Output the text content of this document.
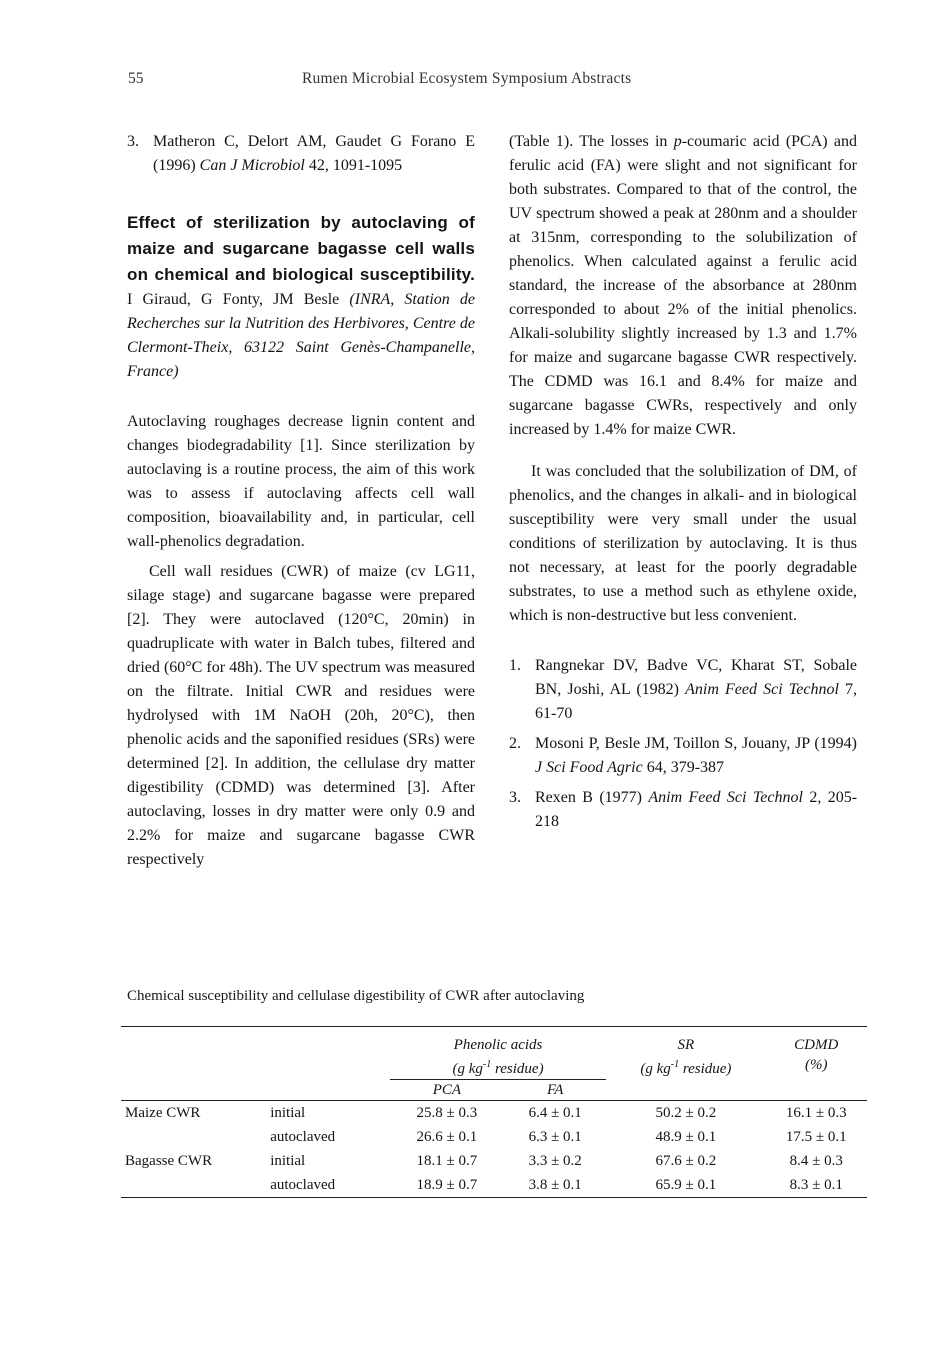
55	Rumen Microbial Ecosystem Symposium Abstracts
3. Matheron C, Delort AM, Gaudet G Forano E (1996) Can J Microbiol 42, 1091-1095
Effect of sterilization by autoclaving of maize and sugarcane bagasse cell walls on chemical and biological susceptibility. I Giraud, G Fonty, JM Besle (INRA, Station de Recherches sur la Nutrition des Herbivores, Centre de Clermont-Theix, 63122 Saint Genès-Champanelle, France)

Autoclaving roughages decrease lignin content and changes biodegradability [1]. Since sterilization by autoclaving is a routine process, the aim of this work was to assess if autoclaving affects cell wall composition, bioavailability and, in particular, cell wall-phenolics degradation.

Cell wall residues (CWR) of maize (cv LG11, silage stage) and sugarcane bagasse were prepared [2]. They were autoclaved (120°C, 20min) in quadruplicate with water in Balch tubes, filtered and dried (60°C for 48h). The UV spectrum was measured on the filtrate. Initial CWR and residues were hydrolysed with 1M NaOH (20h, 20°C), then phenolic acids and the saponified residues (SRs) were determined [2]. In addition, the cellulase dry matter digestibility (CDMD) was determined [3]. After autoclaving, losses in dry matter were only 0.9 and 2.2% for maize and sugarcane bagasse CWR respectively

(Table 1). The losses in p-coumaric acid (PCA) and ferulic acid (FA) were slight and not significant for both substrates. Compared to that of the control, the UV spectrum showed a peak at 280nm and a shoulder at 315nm, corresponding to the solubilization of phenolics. When calculated against a ferulic acid standard, the increase of the absorbance at 280nm corresponded to about 2% of the initial phenolics. Alkali-solubility slightly increased by 1.3 and 1.7% for maize and sugarcane bagasse CWR respectively. The CDMD was 16.1 and 8.4% for maize and sugarcane bagasse CWRs, respectively and only increased by 1.4% for maize CWR.

It was concluded that the solubilization of DM, of phenolics, and the changes in alkali- and in biological susceptibility were very small under the usual conditions of sterilization by autoclaving. It is thus not necessary, at least for the poorly degradable substrates, to use a method such as ethylene oxide, which is non-destructive but less convenient.

1. Rangnekar DV, Badve VC, Kharat ST, Sobale BN, Joshi, AL (1982) Anim Feed Sci Technol 7, 61-70
2. Mosoni P, Besle JM, Toillon S, Jouany, JP (1994) J Sci Food Agric 64, 379-387
3. Rexen B (1977) Anim Feed Sci Technol 2, 205-218
Chemical susceptibility and cellulase digestibility of CWR after autoclaving

		Phenolic acids		SR	CDMD
		(g $kg^{-1}$ residue)		(g $kg^{-1}$ residue)	(%)
		PCA	FA		
Maize CWR	initial	25.8 ± 0.3	6.4 ± 0.1	50.2 ± 0.2	16.1 ± 0.3
	autoclaved	26.6 ± 0.1	6.3 ± 0.1	48.9 ± 0.1	17.5 ± 0.1
Bagasse CWR	initial	18.1 ± 0.7	3.3 ± 0.2	67.6 ± 0.2	8.4 ± 0.3
	autoclaved	18.9 ± 0.7	3.8 ± 0.1	65.9 ± 0.1	8.3 ± 0.1
